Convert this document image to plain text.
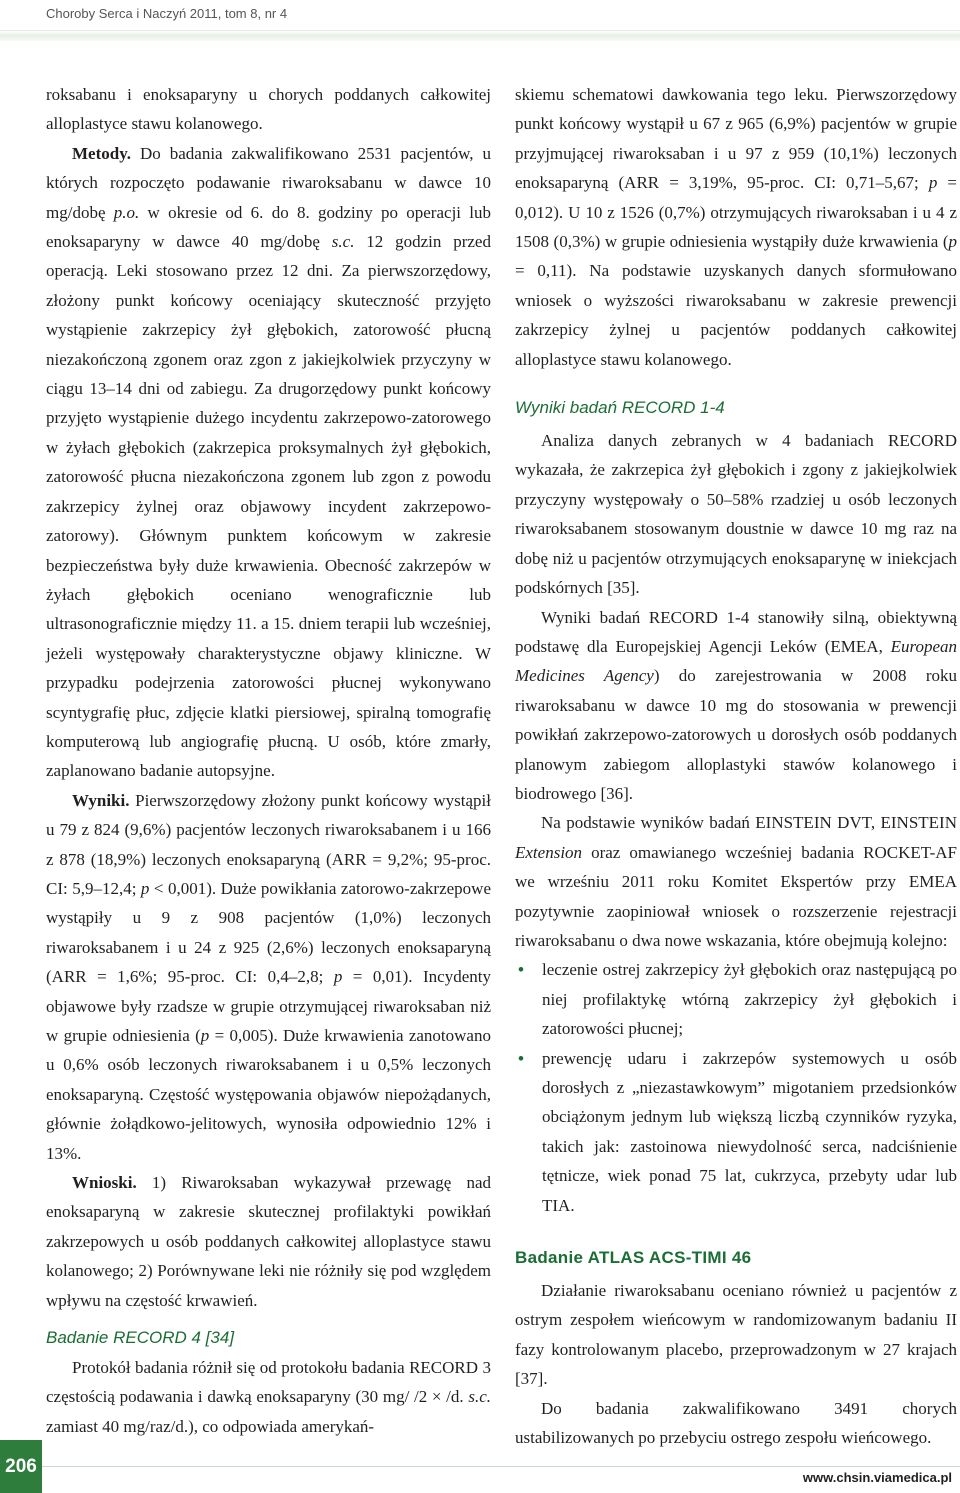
Choroby Serca i Naczyń 2011, tom 8, nr 4

roksabanu i enoksaparyny u chorych poddanych całkowitej alloplastyce stawu kolanowego.

Metody. Do badania zakwalifikowano 2531 pacjentów, u których rozpoczęto podawanie riwaroksabanu w dawce 10 mg/dobę p.o. w okresie od 6. do 8. godziny po operacji lub enoksaparyny w dawce 40 mg/dobę s.c. 12 godzin przed operacją. Leki stosowano przez 12 dni. Za pierwszorzędowy, złożony punkt końcowy oceniający skuteczność przyjęto wystąpienie zakrzepicy żył głębokich, zatorowość płucną niezakończoną zgonem oraz zgon z jakiejkolwiek przyczyny w ciągu 13–14 dni od zabiegu. Za drugorzędowy punkt końcowy przyjęto wystąpienie dużego incydentu zakrzepowo-zatorowego w żyłach głębokich (zakrzepica proksymalnych żył głębokich, zatorowość płucna niezakończona zgonem lub zgon z powodu zakrzepicy żylnej oraz objawowy incydent zakrzepowo-zatorowy). Głównym punktem końcowym w zakresie bezpieczeństwa były duże krwawienia. Obecność zakrzepów w żyłach głębokich oceniano wenograficznie lub ultrasonograficznie między 11. a 15. dniem terapii lub wcześniej, jeżeli występowały charakterystyczne objawy kliniczne. W przypadku podejrzenia zatorowości płucnej wykonywano scyntygrafię płuc, zdjęcie klatki piersiowej, spiralną tomografię komputerową lub angiografię płucną. U osób, które zmarły, zaplanowano badanie autopsyjne.

Wyniki. Pierwszorzędowy złożony punkt końcowy wystąpił u 79 z 824 (9,6%) pacjentów leczonych riwaroksabanem i u 166 z 878 (18,9%) leczonych enoksaparyną (ARR = 9,2%; 95-proc. CI: 5,9–12,4; p < 0,001). Duże powikłania zatorowo-zakrzepowe wystąpiły u 9 z 908 pacjentów (1,0%) leczonych riwaroksabanem i u 24 z 925 (2,6%) leczonych enoksaparyną (ARR = 1,6%; 95-proc. CI: 0,4–2,8; p = 0,01). Incydenty objawowe były rzadsze w grupie otrzymującej riwaroksaban niż w grupie odniesienia (p = 0,005). Duże krwawienia zanotowano u 0,6% osób leczonych riwaroksabanem i u 0,5% leczonych enoksaparyną. Częstość występowania objawów niepożądanych, głównie żołądkowo-jelitowych, wynosiła odpowiednio 12% i 13%.

Wnioski. 1) Riwaroksaban wykazywał przewagę nad enoksaparyną w zakresie skutecznej profilaktyki powikłań zakrzepowych u osób poddanych całkowitej alloplastyce stawu kolanowego; 2) Porównywane leki nie różniły się pod względem wpływu na częstość krwawień.

Badanie RECORD 4 [34]

Protokół badania różnił się od protokołu badania RECORD 3 częstością podawania i dawką enoksaparyny (30 mg/ /2 × /d. s.c. zamiast 40 mg/raz/d.), co odpowiada amerykań-

skiemu schematowi dawkowania tego leku. Pierwszorzędowy punkt końcowy wystąpił u 67 z 965 (6,9%) pacjentów w grupie przyjmującej riwaroksaban i u 97 z 959 (10,1%) leczonych enoksaparyną (ARR = 3,19%, 95-proc. CI: 0,71–5,67; p = 0,012). U 10 z 1526 (0,7%) otrzymujących riwaroksaban i u 4 z 1508 (0,3%) w grupie odniesienia wystąpiły duże krwawienia (p = 0,11). Na podstawie uzyskanych danych sformułowano wniosek o wyższości riwaroksabanu w zakresie prewencji zakrzepicy żylnej u pacjentów poddanych całkowitej alloplastyce stawu kolanowego.

Wyniki badań RECORD 1-4

Analiza danych zebranych w 4 badaniach RECORD wykazała, że zakrzepica żył głębokich i zgony z jakiejkolwiek przyczyny występowały o 50–58% rzadziej u osób leczonych riwaroksabanem stosowanym doustnie w dawce 10 mg raz na dobę niż u pacjentów otrzymujących enoksaparynę w iniekcjach podskórnych [35].

Wyniki badań RECORD 1-4 stanowiły silną, obiektywną podstawę dla Europejskiej Agencji Leków (EMEA, European Medicines Agency) do zarejestrowania w 2008 roku riwaroksabanu w dawce 10 mg do stosowania w prewencji powikłań zakrzepowo-zatorowych u dorosłych osób poddanych planowym zabiegom alloplastyki stawów kolanowego i biodrowego [36].

Na podstawie wyników badań EINSTEIN DVT, EINSTEIN Extension oraz omawianego wcześniej badania ROCKET-AF we wrześniu 2011 roku Komitet Ekspertów przy EMEA pozytywnie zaopiniował wniosek o rozszerzenie rejestracji riwaroksabanu o dwa nowe wskazania, które obejmują kolejno:

• leczenie ostrej zakrzepicy żył głębokich oraz następującą po niej profilaktykę wtórną zakrzepicy żył głębokich i zatorowości płucnej;
• prewencję udaru i zakrzepów systemowych u osób dorosłych z „niezastawkowym” migotaniem przedsionków obciążonym jednym lub większą liczbą czynników ryzyka, takich jak: zastoinowa niewydolność serca, nadciśnienie tętnicze, wiek ponad 75 lat, cukrzyca, przebyty udar lub TIA.
Badanie ATLAS ACS-TIMI 46

Działanie riwaroksabanu oceniano również u pacjentów z ostrym zespołem wieńcowym w randomizowanym badaniu II fazy kontrolowanym placebo, przeprowadzonym w 27 krajach [37].

Do badania zakwalifikowano 3491 chorych ustabilizowanych po przebyciu ostrego zespołu wieńcowego.

206
www.chsin.viamedica.pl
